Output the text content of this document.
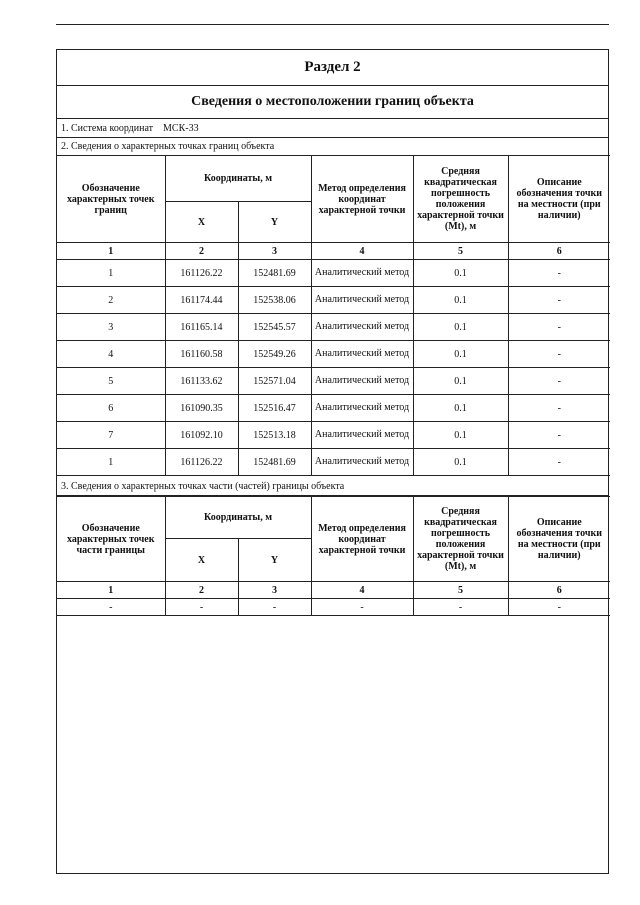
Раздел 2
Сведения о местоположении границ объекта
1. Система координат МСК-33
2. Сведения о характерных точках границ объекта
Обозначение характерных точек границ	Координаты, м		Метод определения координат характерной точки	Средняя квадратическая погрешность положения характерной точки (Mt), м	Описание обозначения точки на местности (при наличии)
	X	Y			
1	2	3	4	5	6
1	161126.22	152481.69	Аналитический метод	0.1	-
2	161174.44	152538.06	Аналитический метод	0.1	-
3	161165.14	152545.57	Аналитический метод	0.1	-
4	161160.58	152549.26	Аналитический метод	0.1	-
5	161133.62	152571.04	Аналитический метод	0.1	-
6	161090.35	152516.47	Аналитический метод	0.1	-
7	161092.10	152513.18	Аналитический метод	0.1	-
1	161126.22	152481.69	Аналитический метод	0.1	-
3. Сведения о характерных точках части (частей) границы объекта
Обозначение характерных точек части границы	Координаты, м		Метод определения координат характерной точки	Средняя квадратическая погрешность положения характерной точки (Mt), м	Описание обозначения точки на местности (при наличии)
	X	Y			
1	2	3	4	5	6
-	-	-	-	-	-
